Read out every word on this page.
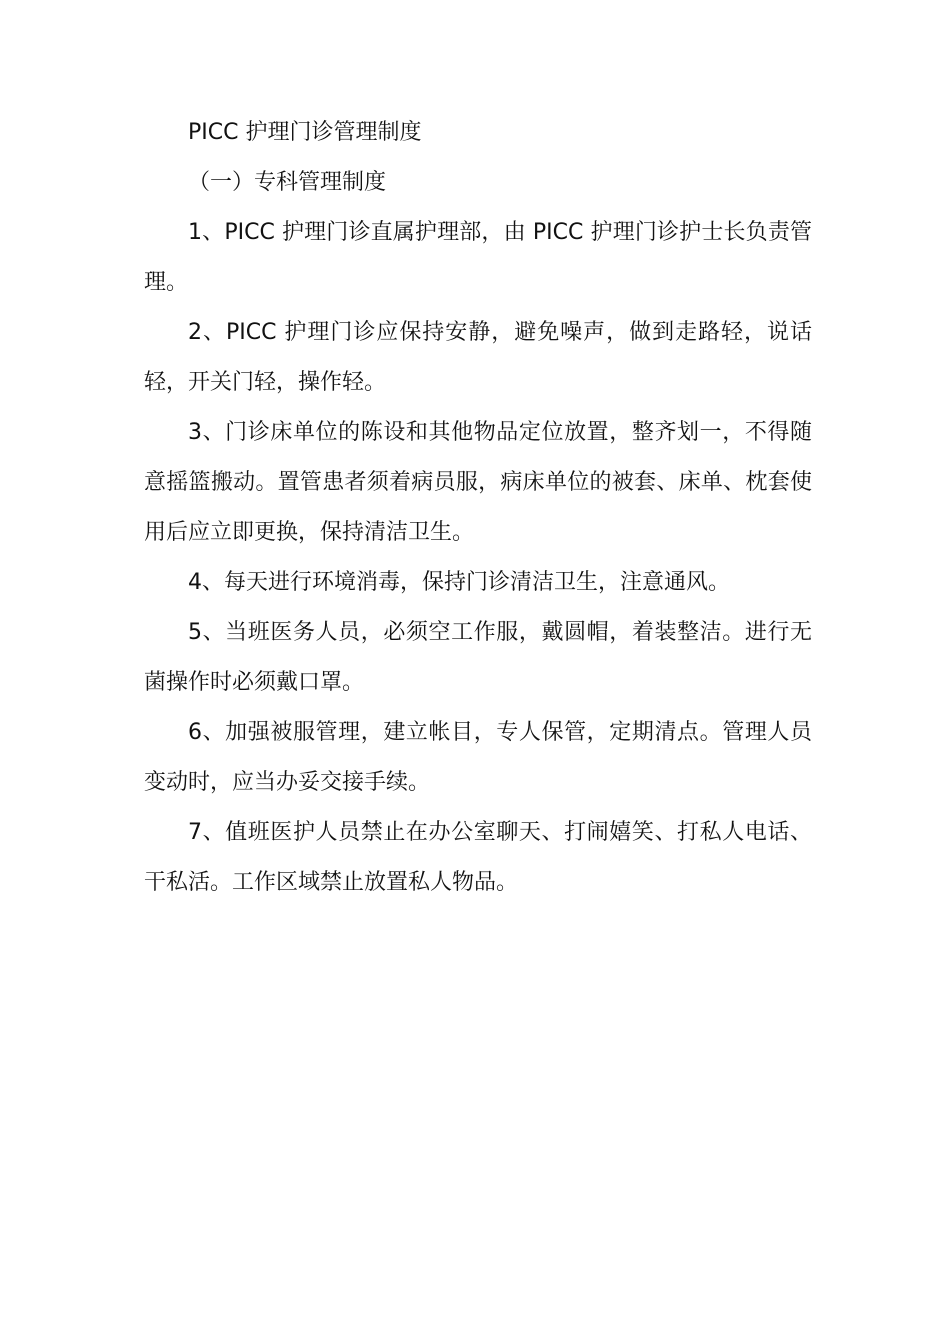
PICC 护理门诊管理制度

（一）专科管理制度

1、PICC 护理门诊直属护理部，由 PICC 护理门诊护士长负责管理。

2、PICC 护理门诊应保持安静，避免噪声，做到走路轻，说话轻，开关门轻，操作轻。

3、门诊床单位的陈设和其他物品定位放置，整齐划一，不得随意摇篮搬动。置管患者须着病员服，病床单位的被套、床单、枕套使用后应立即更换，保持清洁卫生。

4、每天进行环境消毒，保持门诊清洁卫生，注意通风。

5、当班医务人员，必须空工作服，戴圆帽，着装整洁。进行无菌操作时必须戴口罩。

6、加强被服管理，建立帐目，专人保管，定期清点。管理人员变动时，应当办妥交接手续。

7、值班医护人员禁止在办公室聊天、打闹嬉笑、打私人电话、干私活。工作区域禁止放置私人物品。
